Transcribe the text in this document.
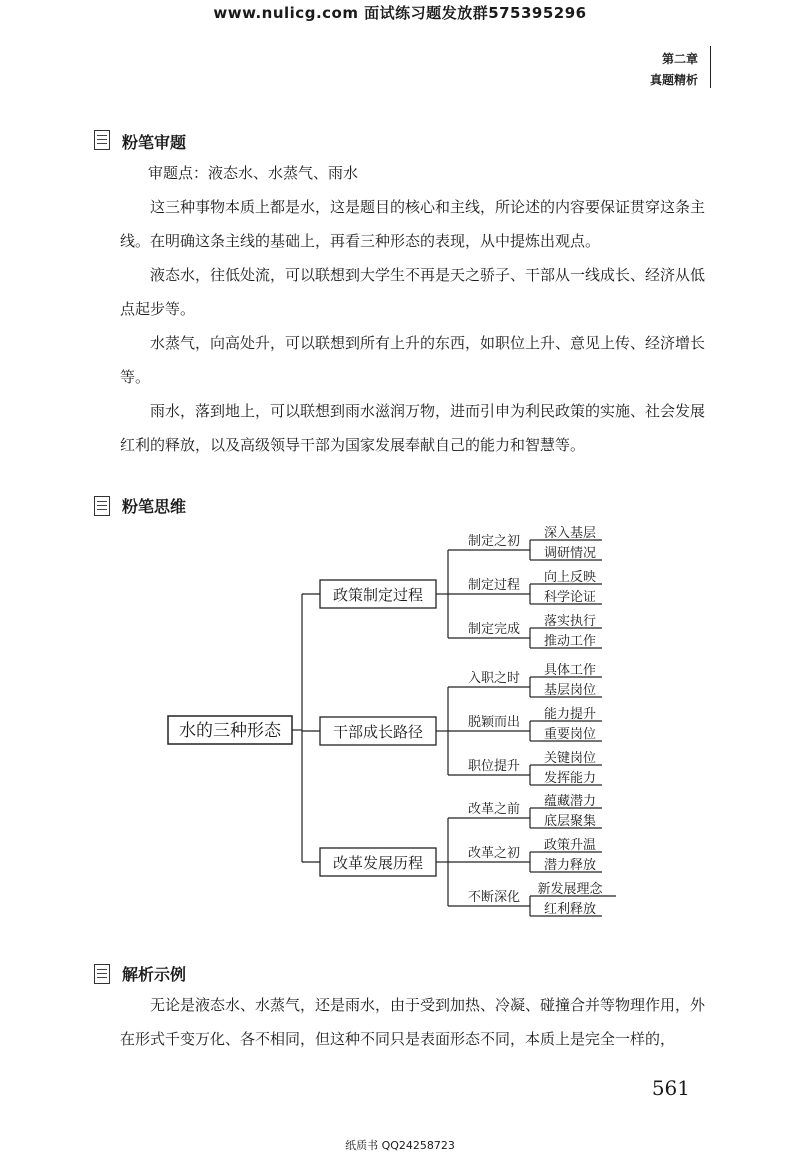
www.nulicg.com 面试练习题发放群575395296
第二章
真题精析
粉笔审题

审题点：液态水、水蒸气、雨水

这三种事物本质上都是水，这是题目的核心和主线，所论述的内容要保证贯穿这条主线。在明确这条主线的基础上，再看三种形态的表现，从中提炼出观点。

液态水，往低处流，可以联想到大学生不再是天之骄子、干部从一线成长、经济从低点起步等。

水蒸气，向高处升，可以联想到所有上升的东西，如职位上升、意见上传、经济增长等。

雨水，落到地上，可以联想到雨水滋润万物，进而引申为利民政策的实施、社会发展红利的释放，以及高级领导干部为国家发展奉献自己的能力和智慧等。

粉笔思维
水的三种形态
政策制定过程
制定之初
深入基层
调研情况
制定过程
向上反映
科学论证
制定完成
落实执行
推动工作
干部成长路径
入职之时
具体工作
基层岗位
脱颖而出
能力提升
重要岗位
职位提升
关键岗位
发挥能力
改革发展历程
改革之前
蕴藏潜力
底层聚集
改革之初
政策升温
潜力释放
不断深化
新发展理念
红利释放
解析示例

无论是液态水、水蒸气，还是雨水，由于受到加热、冷凝、碰撞合并等物理作用，外在形式千变万化、各不相同，但这种不同只是表面形态不同，本质上是完全一样的，

561
纸质书 QQ24258723
